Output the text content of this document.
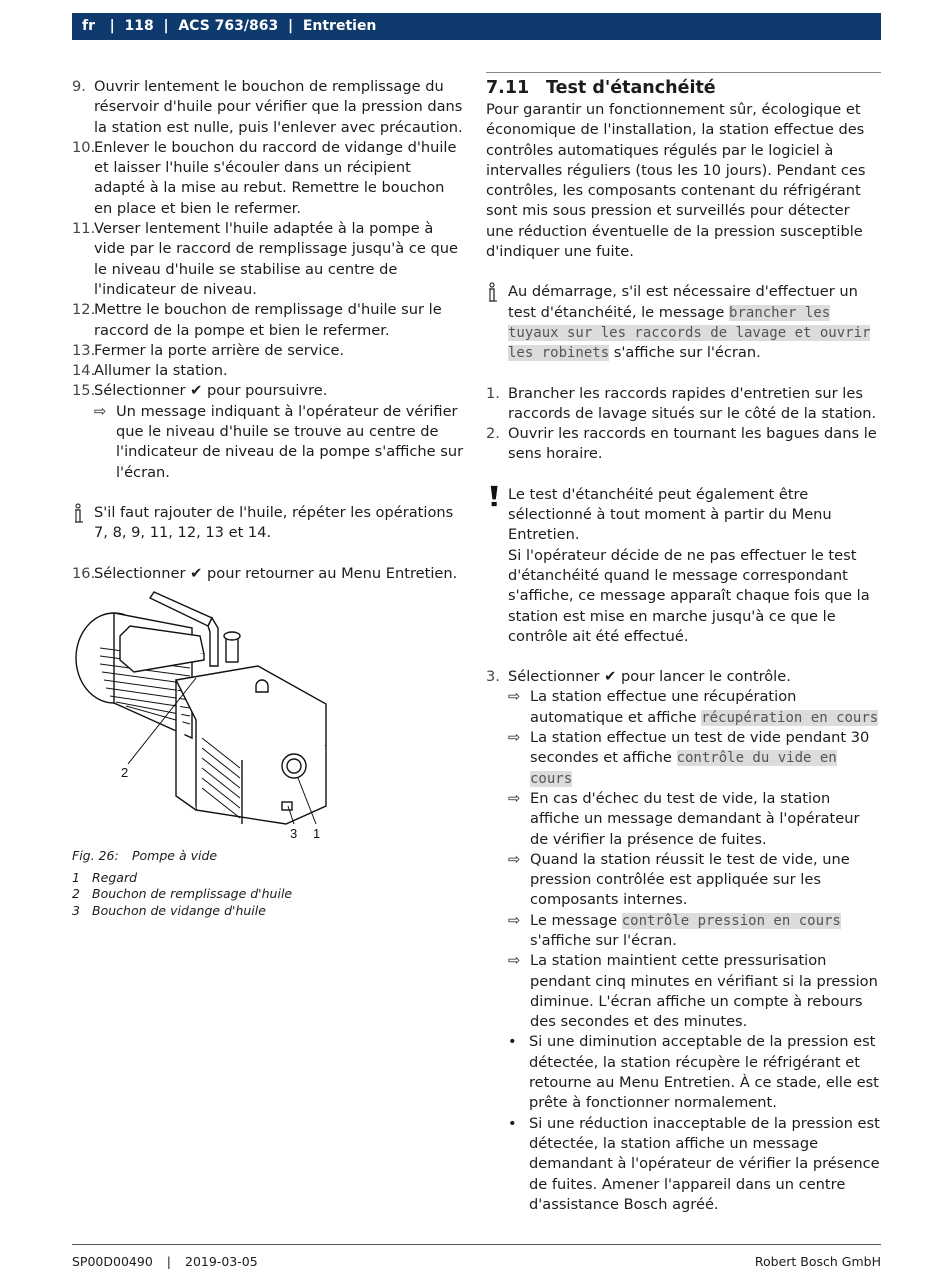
fr | 118 | ACS 763/863 | Entretien
9. Ouvrir lentement le bouchon de remplissage du réservoir d'huile pour vérifier que la pression dans la station est nulle, puis l'enlever avec précaution.
10.
Enlever le bouchon du raccord de vidange d'huile et laisser l'huile s'écouler dans un récipient adapté à la mise au rebut. Remettre le bouchon en place et bien le refermer.
11.
Verser lentement l'huile adaptée à la pompe à vide par le raccord de remplissage jusqu'à ce que le niveau d'huile se stabilise au centre de l'indicateur de niveau.
12.
Mettre le bouchon de remplissage d'huile sur le raccord de la pompe et bien le refermer.
13.
Fermer la porte arrière de service.
14.
Allumer la station.
15.
Sélectionner ✔ pour poursuivre.
⇨ Un message indiquant à l'opérateur de vérifier que le niveau d'huile se trouve au centre de l'indicateur de niveau de la pompe s'affiche sur l'écran.
S'il faut rajouter de l'huile, répéter les opérations 7, 8, 9, 11, 12, 13 et 14.
16.
Sélectionner ✔ pour retourner au Menu Entretien.
2
3 1
Fig. 26:	Pompe à vide
1 Regard
2 Bouchon de remplissage d'huile
3 Bouchon de vidange d'huile
7.11 Test d'étanchéité
Pour garantir un fonctionnement sûr, écologique et économique de l'installation, la station effectue des contrôles automatiques régulés par le logiciel à intervalles réguliers (tous les 10 jours). Pendant ces contrôles, les composants contenant du réfrigérant sont mis sous pression et surveillés pour détecter une réduction éventuelle de la pression susceptible d'indiquer une fuite.
Au démarrage, s'il est nécessaire d'effectuer un test d'étanchéité, le message brancher les tuyaux sur les raccords de lavage et ouvrir les robinets s'affiche sur l'écran.
1. Brancher les raccords rapides d'entretien sur les raccords de lavage situés sur le côté de la station.
2. Ouvrir les raccords en tournant les bagues dans le sens horaire.
Le test d'étanchéité peut également être sélectionné à tout moment à partir du Menu Entretien.
Si l'opérateur décide de ne pas effectuer le test d'étanchéité quand le message correspondant s'affiche, ce message apparaît chaque fois que la station est mise en marche jusqu'à ce que le contrôle ait été effectué.
3. Sélectionner ✔ pour lancer le contrôle.
⇨ La station effectue une récupération automatique et affiche récupération en cours
⇨ La station effectue un test de vide pendant 30 secondes et affiche contrôle du vide en cours
⇨ En cas d'échec du test de vide, la station affiche un message demandant à l'opérateur de vérifier la présence de fuites.
⇨ Quand la station réussit le test de vide, une pression contrôlée est appliquée sur les composants internes.
⇨ Le message contrôle pression en cours s'affiche sur l'écran.
⇨ La station maintient cette pressurisation pendant cinq minutes en vérifiant si la pression diminue. L'écran affiche un compte à rebours des secondes et des minutes.
• Si une diminution acceptable de la pression est détectée, la station récupère le réfrigérant et retourne au Menu Entretien. À ce stade, elle est prête à fonctionner normalement.
• Si une réduction inacceptable de la pression est détectée, la station affiche un message demandant à l'opérateur de vérifier la présence de fuites. Amener l'appareil dans un centre d'assistance Bosch agréé.
SP00D00490 | 2019-03-05	Robert Bosch GmbH
